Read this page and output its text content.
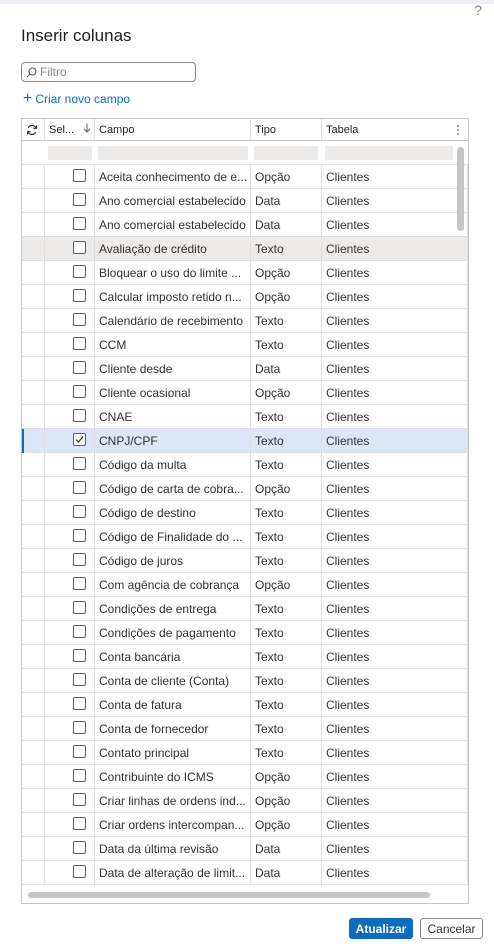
?
Inserir colunas
Filtro
+ Criar novo campo
Sel...	Campo	Tipo	Tabela
Aceita conhecimento de e... Opção	Clientes
Ano comercial estabelecido Data	Clientes
Ano comercial estabelecido Data	Clientes
Avaliação de crédito	Texto	Clientes
Bloquear o uso do limite ...	Opção	Clientes
Calcular imposto retido n...	Opção	Clientes
Calendário de recebimento Texto	Clientes
CCM	Texto	Clientes
Cliente desde	Data	Clientes
Cliente ocasional	Opção	Clientes
CNAE	Texto	Clientes
CNPJ/CPF	Texto	Clientes
Código da multa	Texto	Clientes
Código de carta de cobra... Opção	Clientes
Código de destino	Texto	Clientes
Código de Finalidade do ...	Texto	Clientes
Código de juros	Texto	Clientes
Com agência de cobrança	Opção	Clientes
Condições de entrega	Texto	Clientes
Condições de pagamento	Texto	Clientes
Conta bancária	Texto	Clientes
Conta de cliente (Conta)	Texto	Clientes
Conta de fatura	Texto	Clientes
Conta de fornecedor	Texto	Clientes
Contato principal	Texto	Clientes
Contribuinte do ICMS	Opção	Clientes
Criar linhas de ordens ind... Opção	Clientes
Criar ordens intercompan... Opção	Clientes
Data da última revisão	Data	Clientes
Data de alteração de limit... Data	Clientes
Atualizar	Cancelar
